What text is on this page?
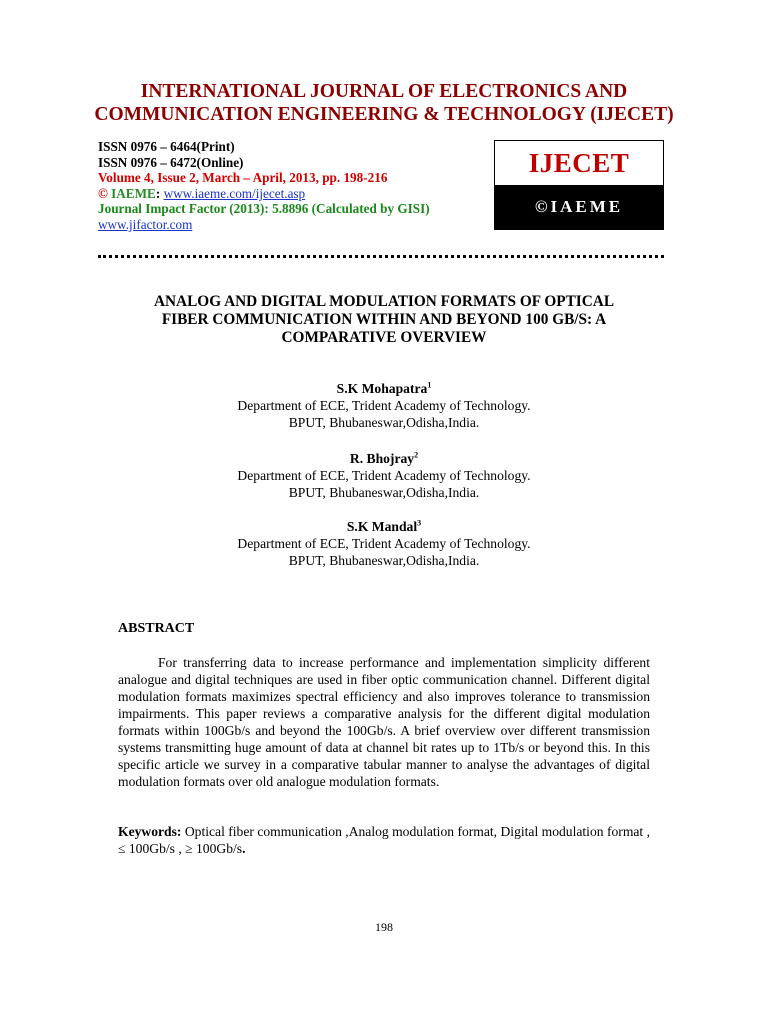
INTERNATIONAL JOURNAL OF ELECTRONICS AND
COMMUNICATION ENGINEERING & TECHNOLOGY (IJECET)
ISSN 0976 – 6464(Print)
ISSN 0976 – 6472(Online)
Volume 4, Issue 2, March – April, 2013, pp. 198-216
© IAEME: www.iaeme.com/ijecet.asp
Journal Impact Factor (2013): 5.8896 (Calculated by GISI)
www.jifactor.com
IJECET
©IAEME
ANALOG AND DIGITAL MODULATION FORMATS OF OPTICAL
FIBER COMMUNICATION WITHIN AND BEYOND 100 GB/S: A
COMPARATIVE OVERVIEW
S.K Mohapatra$^1$
Department of ECE, Trident Academy of Technology.
BPUT, Bhubaneswar,Odisha,India.
R. Bhojray$^2$
Department of ECE, Trident Academy of Technology.
BPUT, Bhubaneswar,Odisha,India.
S.K Mandal$^3$
Department of ECE, Trident Academy of Technology.
BPUT, Bhubaneswar,Odisha,India.
ABSTRACT
For transferring data to increase performance and implementation simplicity different analogue and digital techniques are used in fiber optic communication channel. Different digital modulation formats maximizes spectral efficiency and also improves tolerance to transmission impairments. This paper reviews a comparative analysis for the different digital modulation formats within 100Gb/s and beyond the 100Gb/s. A brief overview over different transmission systems transmitting huge amount of data at channel bit rates up to 1Tb/s or beyond this. In this specific article we survey in a comparative tabular manner to analyse the advantages of digital modulation formats over old analogue modulation formats.
Keywords: Optical fiber communication ,Analog modulation format, Digital modulation format , ≤ 100Gb/s , ≥ 100Gb/s.
198
